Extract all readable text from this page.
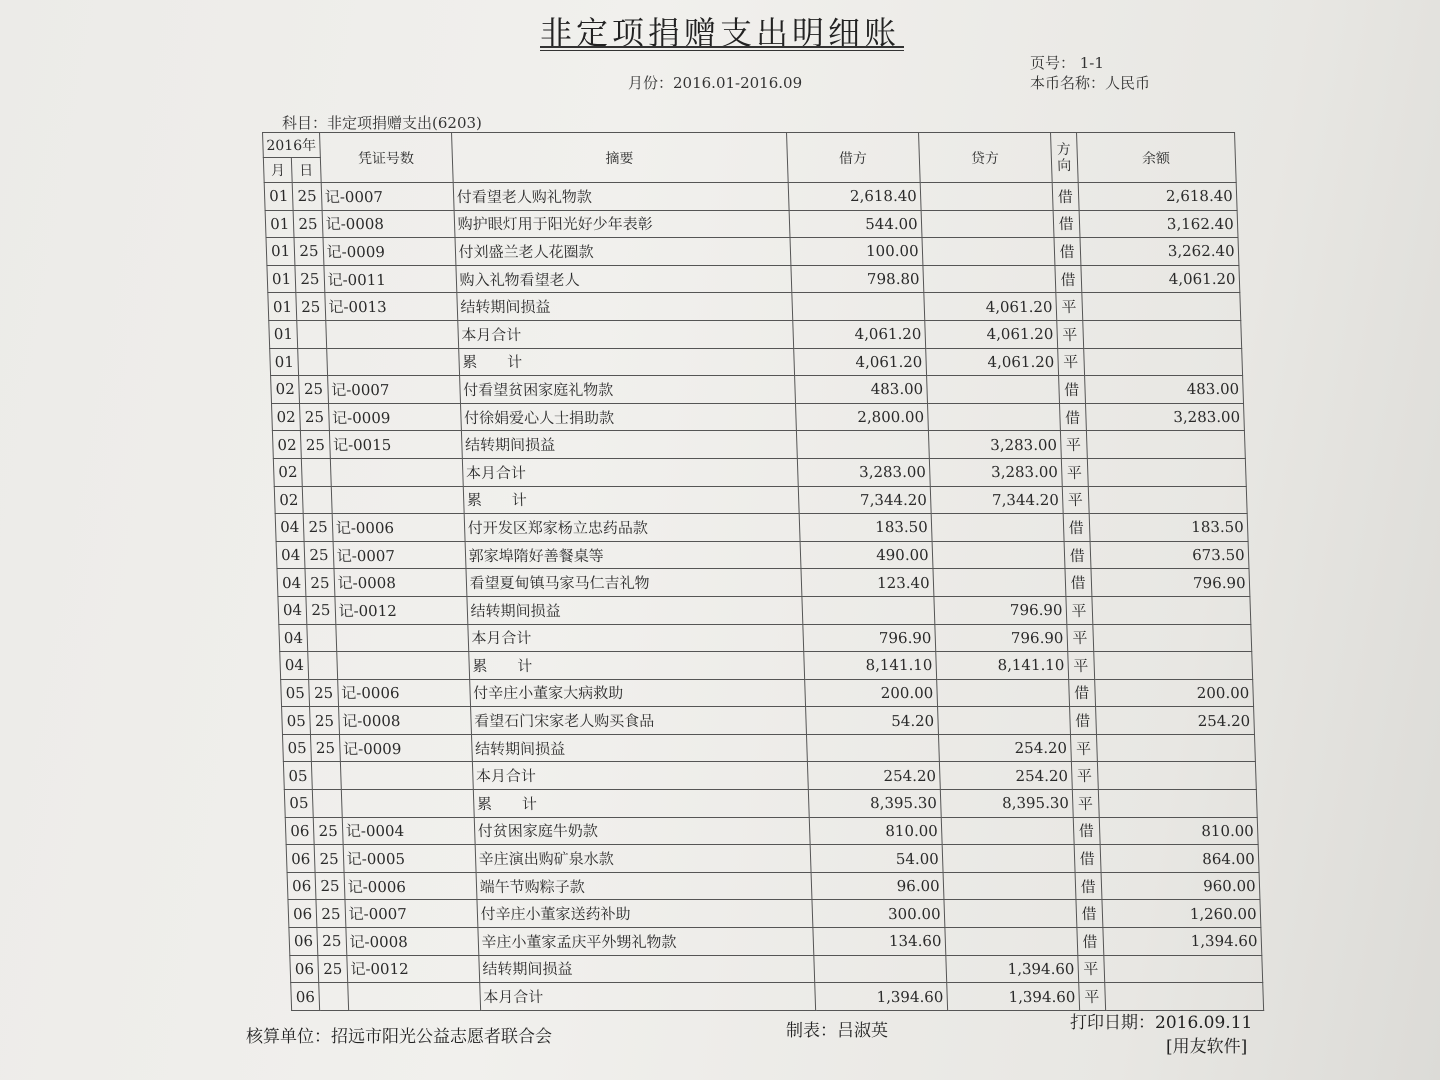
非定项捐赠支出明细账
页号： 1-1
月份：2016.01-2016.09	本币名称：人民币
科目：非定项捐赠支出(6203)
2016年		凭证号数	摘要	借方	贷方	方向	余额
月	日						
01	25	记-0007	付看望老人购礼物款	2,618.40		借	2,618.40
01	25	记-0008	购护眼灯用于阳光好少年表彰	544.00		借	3,162.40
01	25	记-0009	付刘盛兰老人花圈款	100.00		借	3,262.40
01	25	记-0011	购入礼物看望老人	798.80		借	4,061.20
01	25	记-0013	结转期间损益		4,061.20	平	
01			本月合计	4,061.20	4,061.20	平	
01			累　　计	4,061.20	4,061.20	平	
02	25	记-0007	付看望贫困家庭礼物款	483.00		借	483.00
02	25	记-0009	付徐娟爱心人士捐助款	2,800.00		借	3,283.00
02	25	记-0015	结转期间损益		3,283.00	平	
02			本月合计	3,283.00	3,283.00	平	
02			累　　计	7,344.20	7,344.20	平	
04	25	记-0006	付开发区郑家杨立忠药品款	183.50		借	183.50
04	25	记-0007	郭家埠隋好善餐桌等	490.00		借	673.50
04	25	记-0008	看望夏甸镇马家马仁吉礼物	123.40		借	796.90
04	25	记-0012	结转期间损益		796.90	平	
04			本月合计	796.90	796.90	平	
04			累　　计	8,141.10	8,141.10	平	
05	25	记-0006	付辛庄小董家大病救助	200.00		借	200.00
05	25	记-0008	看望石门宋家老人购买食品	54.20		借	254.20
05	25	记-0009	结转期间损益		254.20	平	
05			本月合计	254.20	254.20	平	
05			累　　计	8,395.30	8,395.30	平	
06	25	记-0004	付贫困家庭牛奶款	810.00		借	810.00
06	25	记-0005	辛庄演出购矿泉水款	54.00		借	864.00
06	25	记-0006	端午节购粽子款	96.00		借	960.00
06	25	记-0007	付辛庄小董家送药补助	300.00		借	1,260.00
06	25	记-0008	辛庄小董家孟庆平外甥礼物款	134.60		借	1,394.60
06	25	记-0012	结转期间损益		1,394.60	平	
06			本月合计	1,394.60	1,394.60	平	
核算单位：招远市阳光公益志愿者联合会	制表：吕淑英	打印日期：2016.09.11
[用友软件]
